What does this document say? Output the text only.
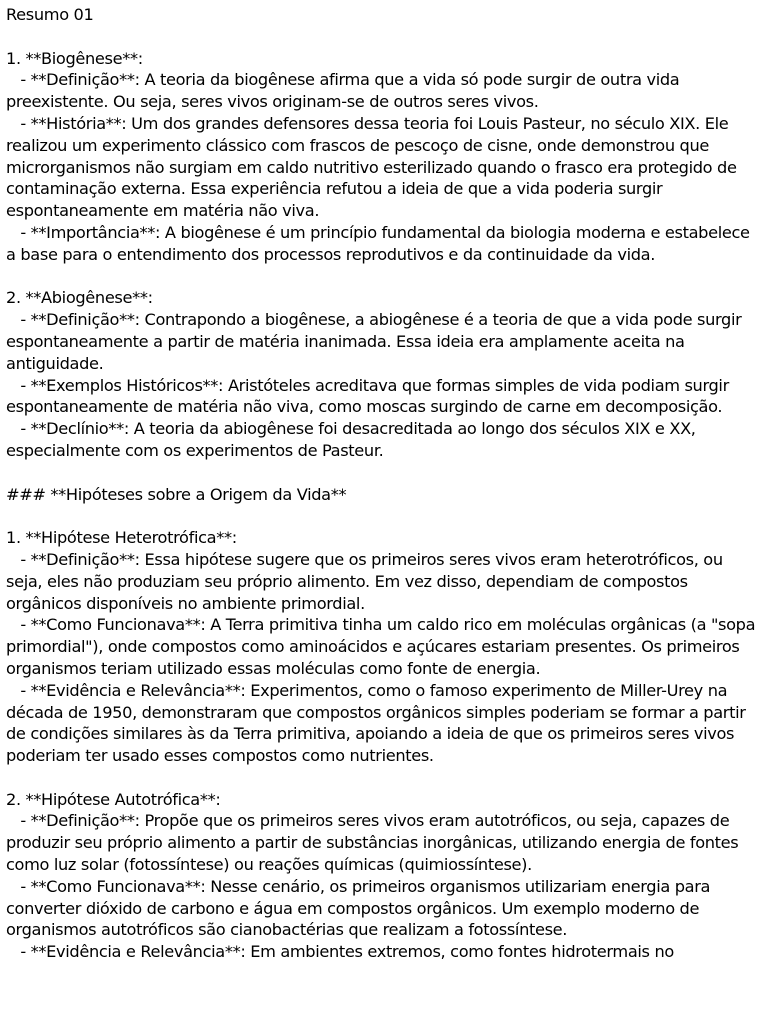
Resumo 01
1. **Biogênese**:
- **Definição**: A teoria da biogênese afirma que a vida só pode surgir de outra vida preexistente. Ou seja, seres vivos originam-se de outros seres vivos.
- **História**: Um dos grandes defensores dessa teoria foi Louis Pasteur, no século XIX. Ele realizou um experimento clássico com frascos de pescoço de cisne, onde demonstrou que microrganismos não surgiam em caldo nutritivo esterilizado quando o frasco era protegido de contaminação externa. Essa experiência refutou a ideia de que a vida poderia surgir espontaneamente em matéria não viva.
- **Importância**: A biogênese é um princípio fundamental da biologia moderna e estabelece a base para o entendimento dos processos reprodutivos e da continuidade da vida.
2. **Abiogênese**:
- **Definição**: Contrapondo a biogênese, a abiogênese é a teoria de que a vida pode surgir espontaneamente a partir de matéria inanimada. Essa ideia era amplamente aceita na antiguidade.
- **Exemplos Históricos**: Aristóteles acreditava que formas simples de vida podiam surgir espontaneamente de matéria não viva, como moscas surgindo de carne em decomposição.
- **Declínio**: A teoria da abiogênese foi desacreditada ao longo dos séculos XIX e XX, especialmente com os experimentos de Pasteur.
### **Hipóteses sobre a Origem da Vida**
1. **Hipótese Heterotrófica**:
- **Definição**: Essa hipótese sugere que os primeiros seres vivos eram heterotróficos, ou seja, eles não produziam seu próprio alimento. Em vez disso, dependiam de compostos orgânicos disponíveis no ambiente primordial.
- **Como Funcionava**: A Terra primitiva tinha um caldo rico em moléculas orgânicas (a "sopa primordial"), onde compostos como aminoácidos e açúcares estariam presentes. Os primeiros organismos teriam utilizado essas moléculas como fonte de energia.
- **Evidência e Relevância**: Experimentos, como o famoso experimento de Miller-Urey na década de 1950, demonstraram que compostos orgânicos simples poderiam se formar a partir de condições similares às da Terra primitiva, apoiando a ideia de que os primeiros seres vivos poderiam ter usado esses compostos como nutrientes.
2. **Hipótese Autotrófica**:
- **Definição**: Propõe que os primeiros seres vivos eram autotróficos, ou seja, capazes de produzir seu próprio alimento a partir de substâncias inorgânicas, utilizando energia de fontes como luz solar (fotossíntese) ou reações químicas (quimiossíntese).
- **Como Funcionava**: Nesse cenário, os primeiros organismos utilizariam energia para converter dióxido de carbono e água em compostos orgânicos. Um exemplo moderno de organismos autotróficos são cianobactérias que realizam a fotossíntese.
- **Evidência e Relevância**: Em ambientes extremos, como fontes hidrotermais no
